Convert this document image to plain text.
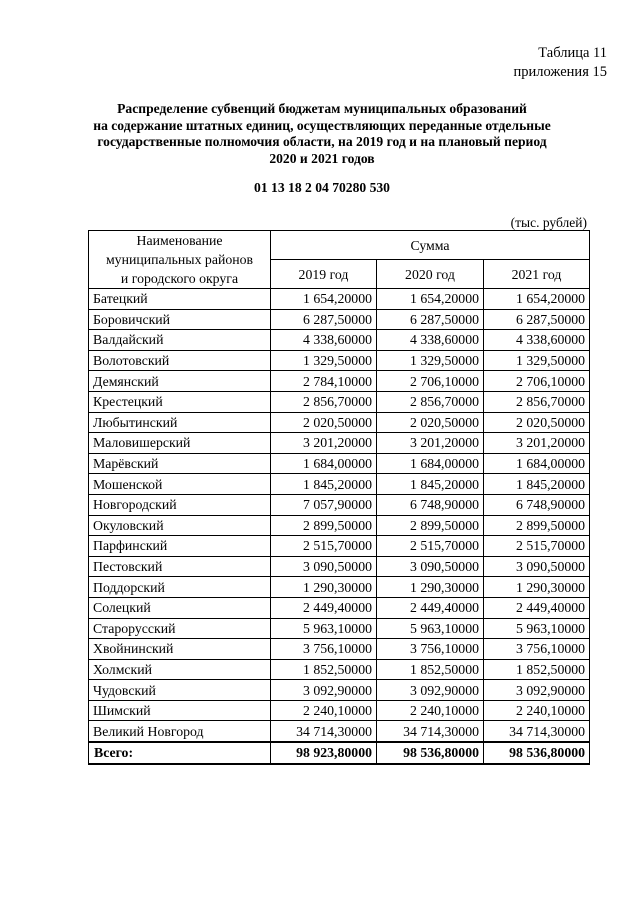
Таблица 11
приложения 15
Распределение субвенций бюджетам муниципальных образований
на содержание штатных единиц, осуществляющих переданные отдельные
государственные полномочия области, на 2019 год и на плановый период
2020 и 2021 годов
01 13 18 2 04 70280 530
(тыс. рублей)
Наименование
муниципальных районов
и городского округа	Сумма		
	2019 год	2020 год	2021 год
Батецкий	1 654,20000	1 654,20000	1 654,20000
Боровичский	6 287,50000	6 287,50000	6 287,50000
Валдайский	4 338,60000	4 338,60000	4 338,60000
Волотовский	1 329,50000	1 329,50000	1 329,50000
Демянский	2 784,10000	2 706,10000	2 706,10000
Крестецкий	2 856,70000	2 856,70000	2 856,70000
Любытинский	2 020,50000	2 020,50000	2 020,50000
Маловишерский	3 201,20000	3 201,20000	3 201,20000
Марёвский	1 684,00000	1 684,00000	1 684,00000
Мошенской	1 845,20000	1 845,20000	1 845,20000
Новгородский	7 057,90000	6 748,90000	6 748,90000
Окуловский	2 899,50000	2 899,50000	2 899,50000
Парфинский	2 515,70000	2 515,70000	2 515,70000
Пестовский	3 090,50000	3 090,50000	3 090,50000
Поддорский	1 290,30000	1 290,30000	1 290,30000
Солецкий	2 449,40000	2 449,40000	2 449,40000
Старорусский	5 963,10000	5 963,10000	5 963,10000
Хвойнинский	3 756,10000	3 756,10000	3 756,10000
Холмский	1 852,50000	1 852,50000	1 852,50000
Чудовский	3 092,90000	3 092,90000	3 092,90000
Шимский	2 240,10000	2 240,10000	2 240,10000
Великий Новгород	34 714,30000	34 714,30000	34 714,30000
Всего:	98 923,80000	98 536,80000	98 536,80000
